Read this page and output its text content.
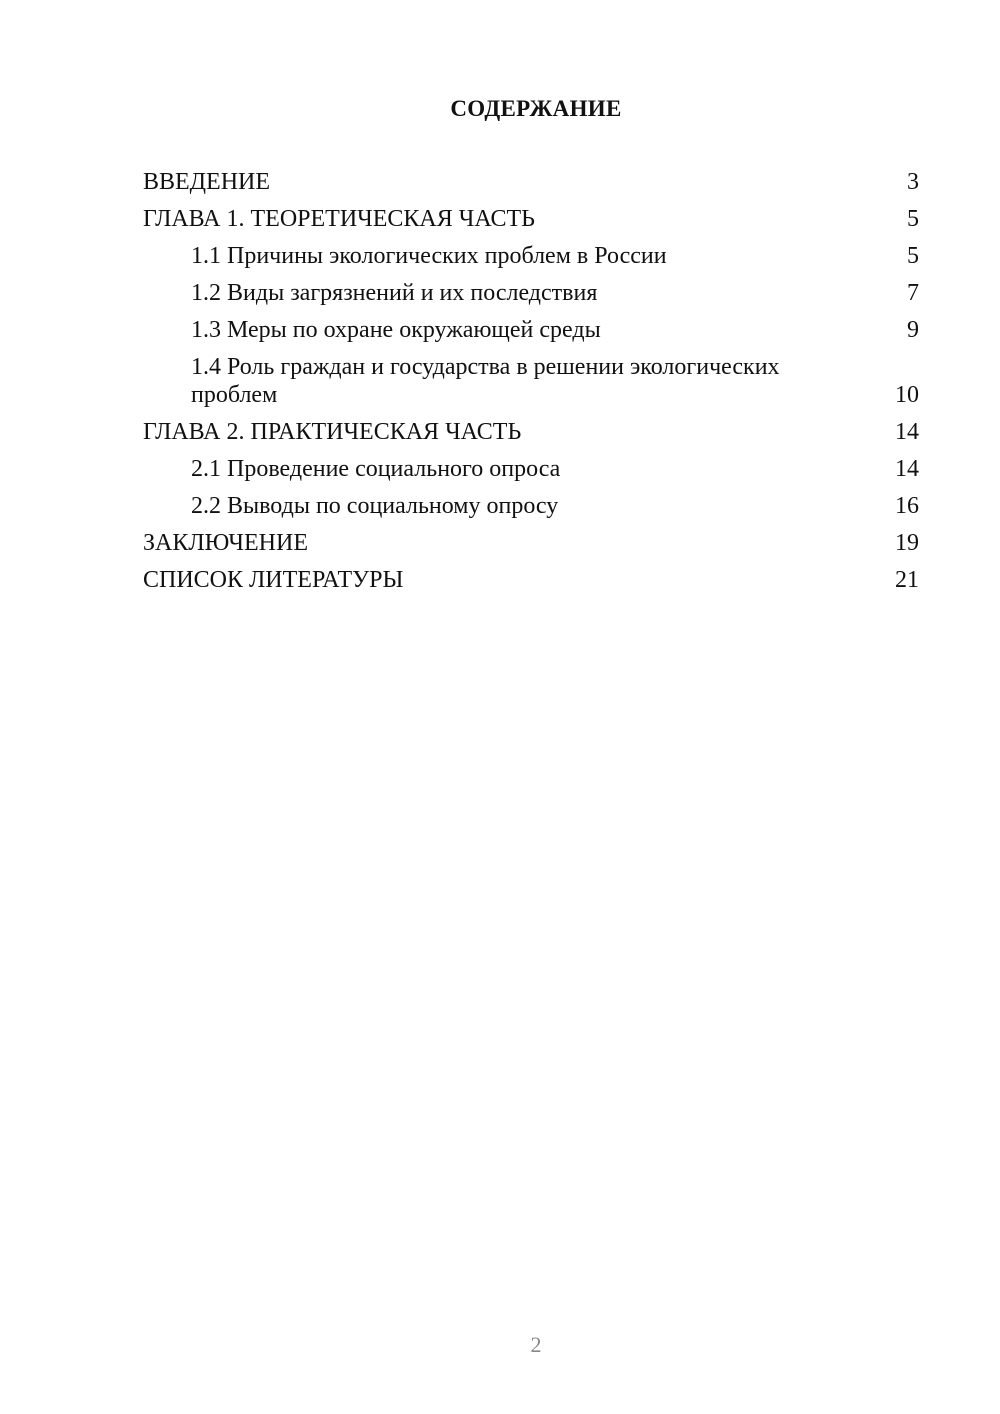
СОДЕРЖАНИЕ
ВВЕДЕНИЕ	3
ГЛАВА 1. ТЕОРЕТИЧЕСКАЯ ЧАСТЬ	5
1.1 Причины экологических проблем в России	5
1.2 Виды загрязнений и их последствия	7
1.3 Меры по охране окружающей среды	9
1.4 Роль граждан и государства в решении экологических проблем	10
ГЛАВА 2. ПРАКТИЧЕСКАЯ ЧАСТЬ	14
2.1 Проведение социального опроса	14
2.2 Выводы по социальному опросу	16
ЗАКЛЮЧЕНИЕ	19
СПИСОК ЛИТЕРАТУРЫ	21
2
